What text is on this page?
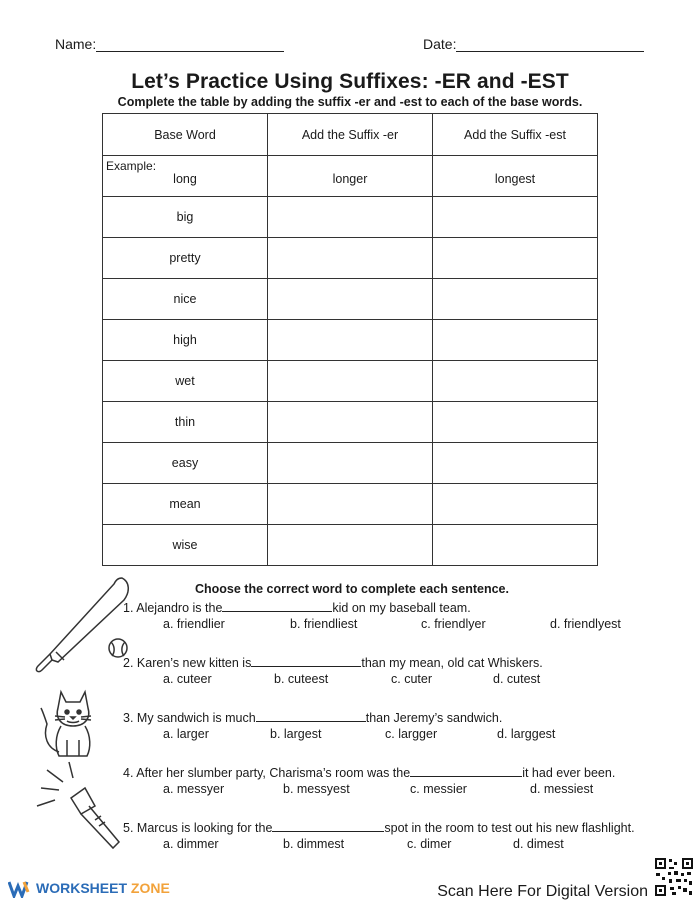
Name:	Date:
Let’s Practice Using Suffixes: -ER and -EST
Complete the table by adding the suffix -er and -est to each of the base words.
Base Word	Add the Suffix -er	Add the Suffix -est

Example:
long	longer	longest
big		
pretty		
nice		
high		
wet		
thin		
easy		
mean		
wise		
Choose the correct word to complete each sentence.
1. Alejandro is the	kid on my baseball team.
a. friendlier	b. friendliest	c. friendlyer	d. friendlyest
2. Karen’s new kitten is	than my mean, old cat Whiskers.
a. cuteer	b. cuteest	c. cuter	d. cutest
3. My sandwich is much	than Jeremy’s sandwich.
a. larger	b. largest	c. largger	d. larggest
4. After her slumber party, Charisma’s room was the	it had ever been.
a. messyer	b. messyest	c. messier	d. messiest
5. Marcus is looking for the	spot in the room to test out his new flashlight.
a. dimmer	b. dimmest	c. dimer	d. dimest
WORKSHEET ZONE	Scan Here For Digital Version
